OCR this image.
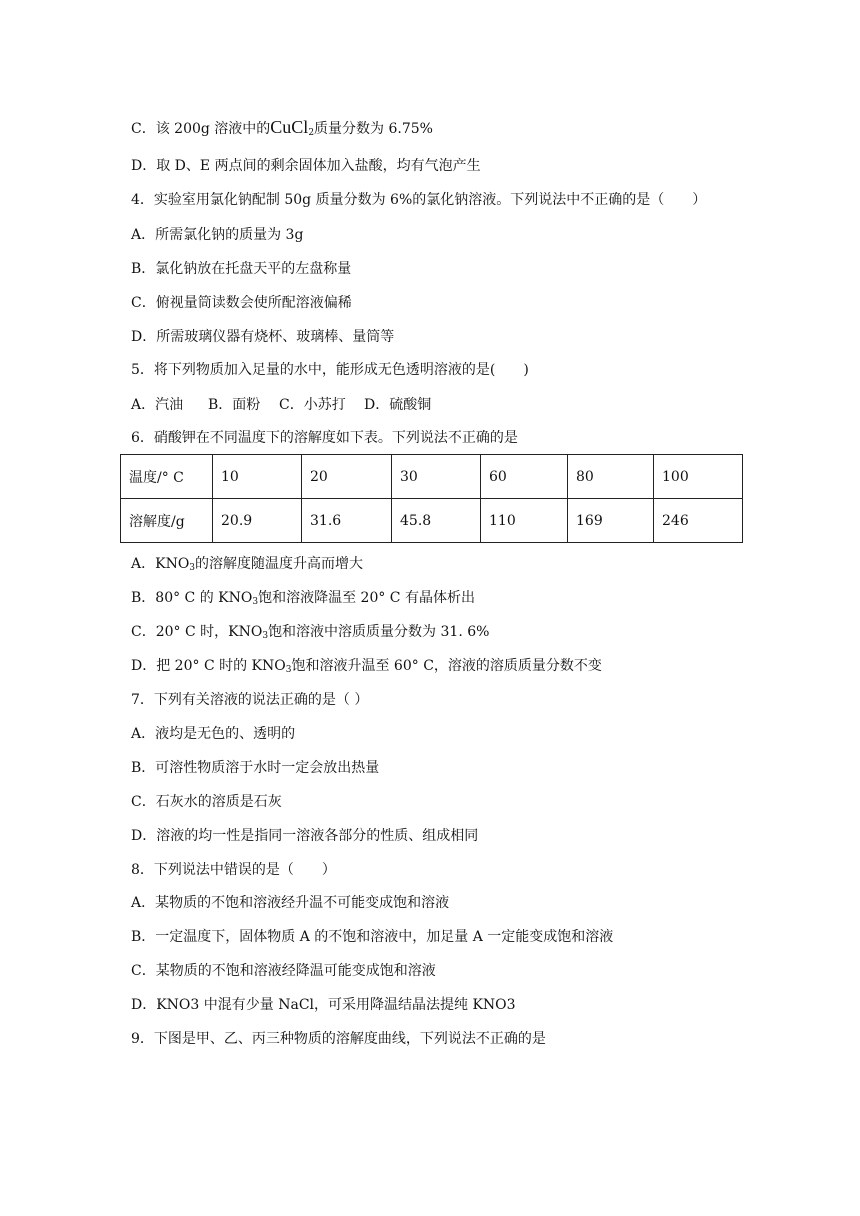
C．该 200g 溶液中的CuCl$_2$质量分数为 6.75%
D．取 D、E 两点间的剩余固体加入盐酸，均有气泡产生
4．实验室用氯化钠配制 50g 质量分数为 6%的氯化钠溶液。下列说法中不正确的是（　　）
A．所需氯化钠的质量为 3g
B．氯化钠放在托盘天平的左盘称量
C．俯视量筒读数会使所配溶液偏稀
D．所需玻璃仪器有烧杯、玻璃棒、量筒等
5．将下列物质加入足量的水中，能形成无色透明溶液的是(　　)
A．汽油 B．面粉 C．小苏打 D．硫酸铜
6．硝酸钾在不同温度下的溶解度如下表。下列说法不正确的是
温度/° C	10	20	30	60	80	100
溶解度/g	20.9	31.6	45.8	110	169	246
A．$KNO_3$的溶解度随温度升高而增大
B．80° C 的 $KNO_3$饱和溶液降温至 20° C 有晶体析出
C．20° C 时，$KNO_3$饱和溶液中溶质质量分数为 31. 6%
D．把 20° C 时的 $KNO_3$饱和溶液升温至 60° C，溶液的溶质质量分数不变
7．下列有关溶液的说法正确的是（ ）
A．液均是无色的、透明的
B．可溶性物质溶于水时一定会放出热量
C．石灰水的溶质是石灰
D．溶液的均一性是指同一溶液各部分的性质、组成相同
8．下列说法中错误的是（　　）
A．某物质的不饱和溶液经升温不可能变成饱和溶液
B．一定温度下，固体物质 A 的不饱和溶液中，加足量 A 一定能变成饱和溶液
C．某物质的不饱和溶液经降温可能变成饱和溶液
D．KNO3 中混有少量 NaCl，可采用降温结晶法提纯 KNO3
9．下图是甲、乙、丙三种物质的溶解度曲线，下列说法不正确的是
